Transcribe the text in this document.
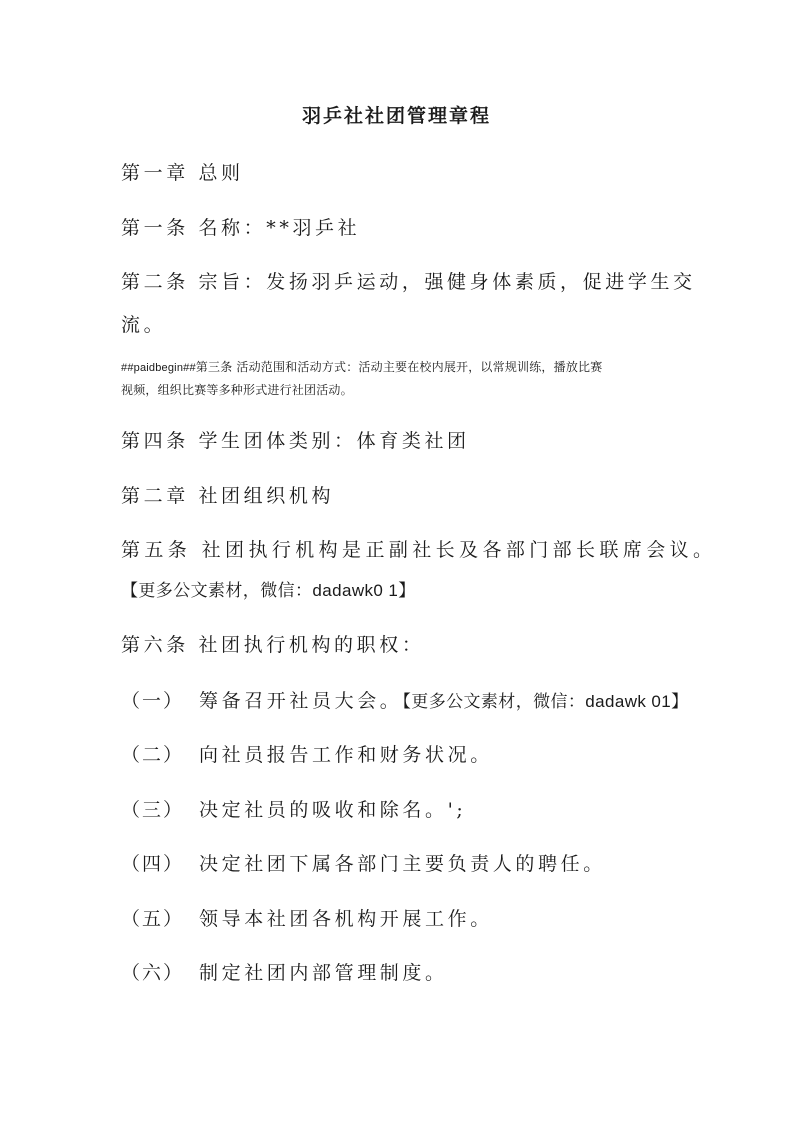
羽乒社社团管理章程

第一章 总则

第一条 名称：**羽乒社

第二条 宗旨：发扬羽乒运动，强健身体素质，促进学生交

流。

##paidbegin##第三条 活动范围和活动方式：活动主要在校内展开，以常规训练，播放比赛

视频，组织比赛等多种形式进行社团活动。

第四条 学生团体类别：体育类社团

第二章 社团组织机构

第五条 社团执行机构是正副社长及各部门部长联席会议。

【更多公文素材，微信：dadawk0 1】

第六条 社团执行机构的职权：

（一） 筹备召开社员大会。【更多公文素材，微信：dadawk 01】

（二） 向社员报告工作和财务状况。

（三） 决定社员的吸收和除名。';

（四） 决定社团下属各部门主要负责人的聘任。

（五） 领导本社团各机构开展工作。

（六） 制定社团内部管理制度。
